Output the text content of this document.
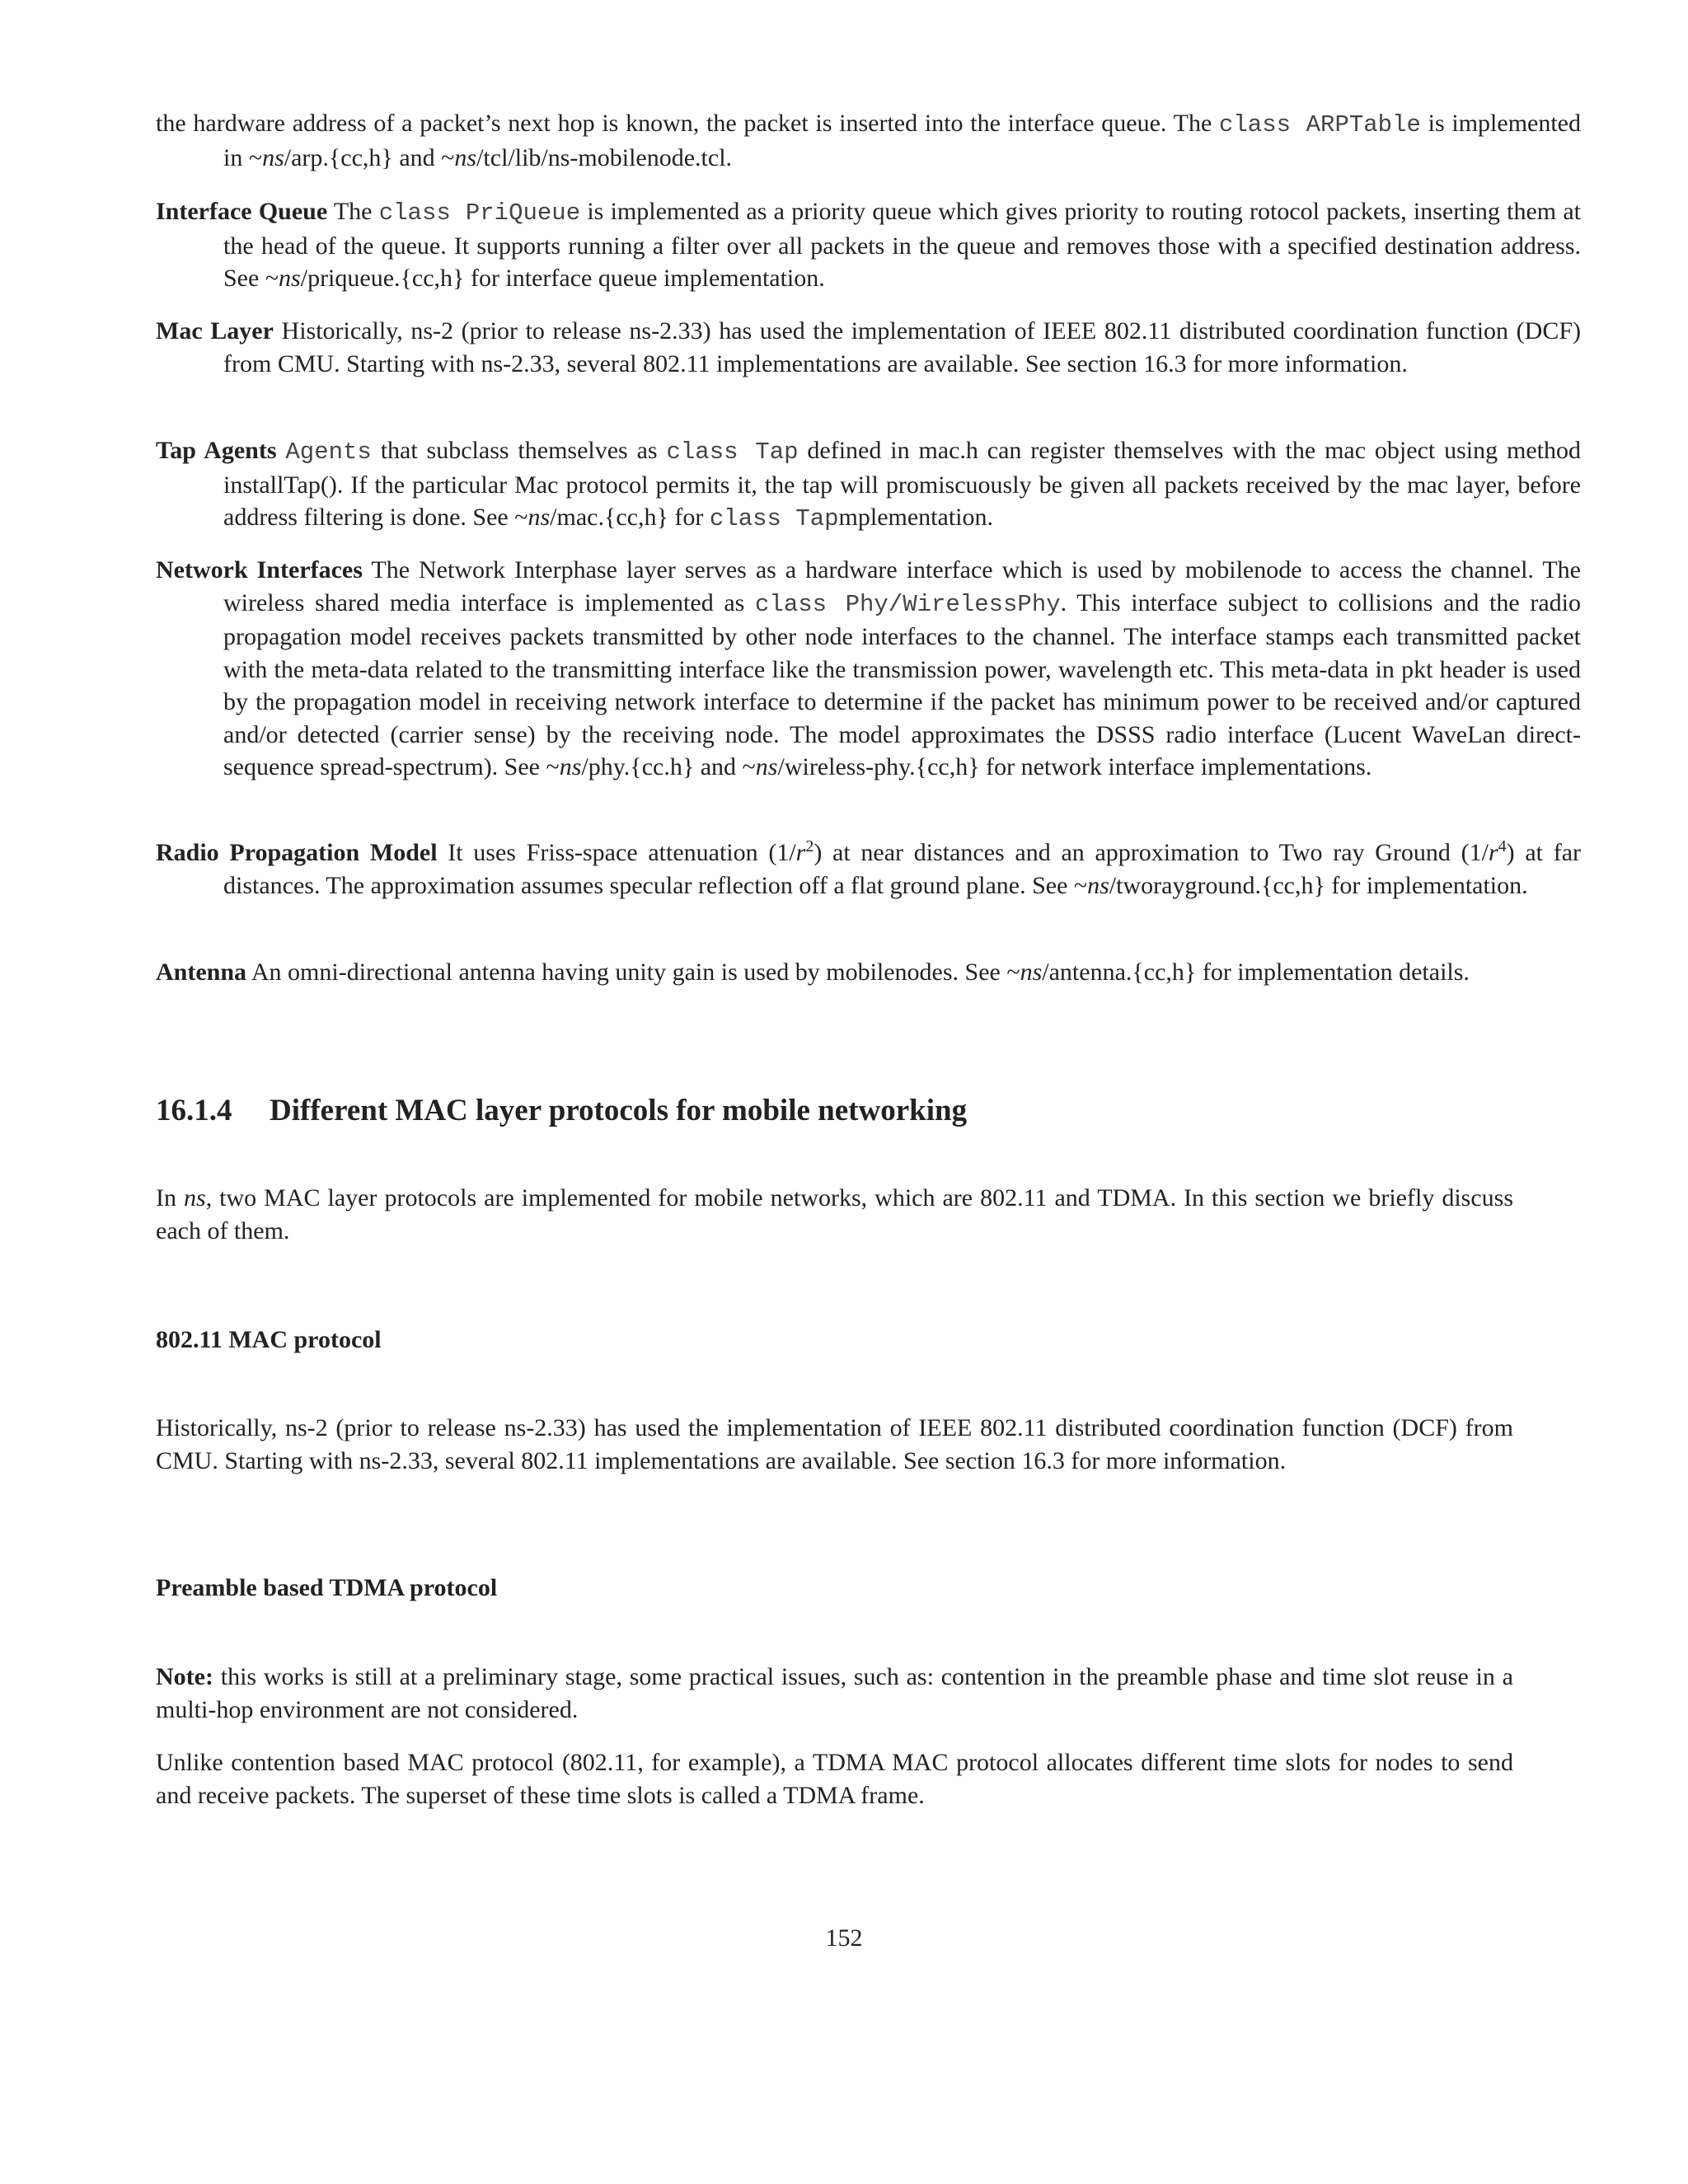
the hardware address of a packet’s next hop is known, the packet is inserted into the interface queue. The class ARPTable is implemented in ~ns/arp.{cc,h} and ~ns/tcl/lib/ns-mobilenode.tcl.

Interface Queue The class PriQueue is implemented as a priority queue which gives priority to routing rotocol packets, inserting them at the head of the queue. It supports running a filter over all packets in the queue and removes those with a specified destination address. See ~ns/priqueue.{cc,h} for interface queue implementation.

Mac Layer Historically, ns-2 (prior to release ns-2.33) has used the implementation of IEEE 802.11 distributed coordination function (DCF) from CMU. Starting with ns-2.33, several 802.11 implementations are available. See section 16.3 for more information.

Tap Agents Agents that subclass themselves as class Tap defined in mac.h can register themselves with the mac object using method installTap(). If the particular Mac protocol permits it, the tap will promiscuously be given all packets received by the mac layer, before address filtering is done. See ~ns/mac.{cc,h} for class Tapmplementation.

Network Interfaces The Network Interphase layer serves as a hardware interface which is used by mobilenode to access the channel. The wireless shared media interface is implemented as class Phy/WirelessPhy. This interface subject to collisions and the radio propagation model receives packets transmitted by other node interfaces to the channel. The interface stamps each transmitted packet with the meta-data related to the transmitting interface like the transmission power, wavelength etc. This meta-data in pkt header is used by the propagation model in receiving network interface to determine if the packet has minimum power to be received and/or captured and/or detected (carrier sense) by the receiving node. The model approximates the DSSS radio interface (Lucent WaveLan direct-sequence spread-spectrum). See ~ns/phy.{cc.h} and ~ns/wireless-phy.{cc,h} for network interface implementations.

Radio Propagation Model It uses Friss-space attenuation $(1/r^2)$ at near distances and an approximation to Two ray Ground $(1/r^4)$ at far distances. The approximation assumes specular reflection off a flat ground plane. See ~ns/tworayground.{cc,h} for implementation.

Antenna An omni-directional antenna having unity gain is used by mobilenodes. See ~ns/antenna.{cc,h} for implementation details.

16.1.4 Different MAC layer protocols for mobile networking

In ns, two MAC layer protocols are implemented for mobile networks, which are 802.11 and TDMA. In this section we briefly discuss each of them.

802.11 MAC protocol

Historically, ns-2 (prior to release ns-2.33) has used the implementation of IEEE 802.11 distributed coordination function (DCF) from CMU. Starting with ns-2.33, several 802.11 implementations are available. See section 16.3 for more information.

Preamble based TDMA protocol

Note: this works is still at a preliminary stage, some practical issues, such as: contention in the preamble phase and time slot reuse in a multi-hop environment are not considered.

Unlike contention based MAC protocol (802.11, for example), a TDMA MAC protocol allocates different time slots for nodes to send and receive packets. The superset of these time slots is called a TDMA frame.

152
